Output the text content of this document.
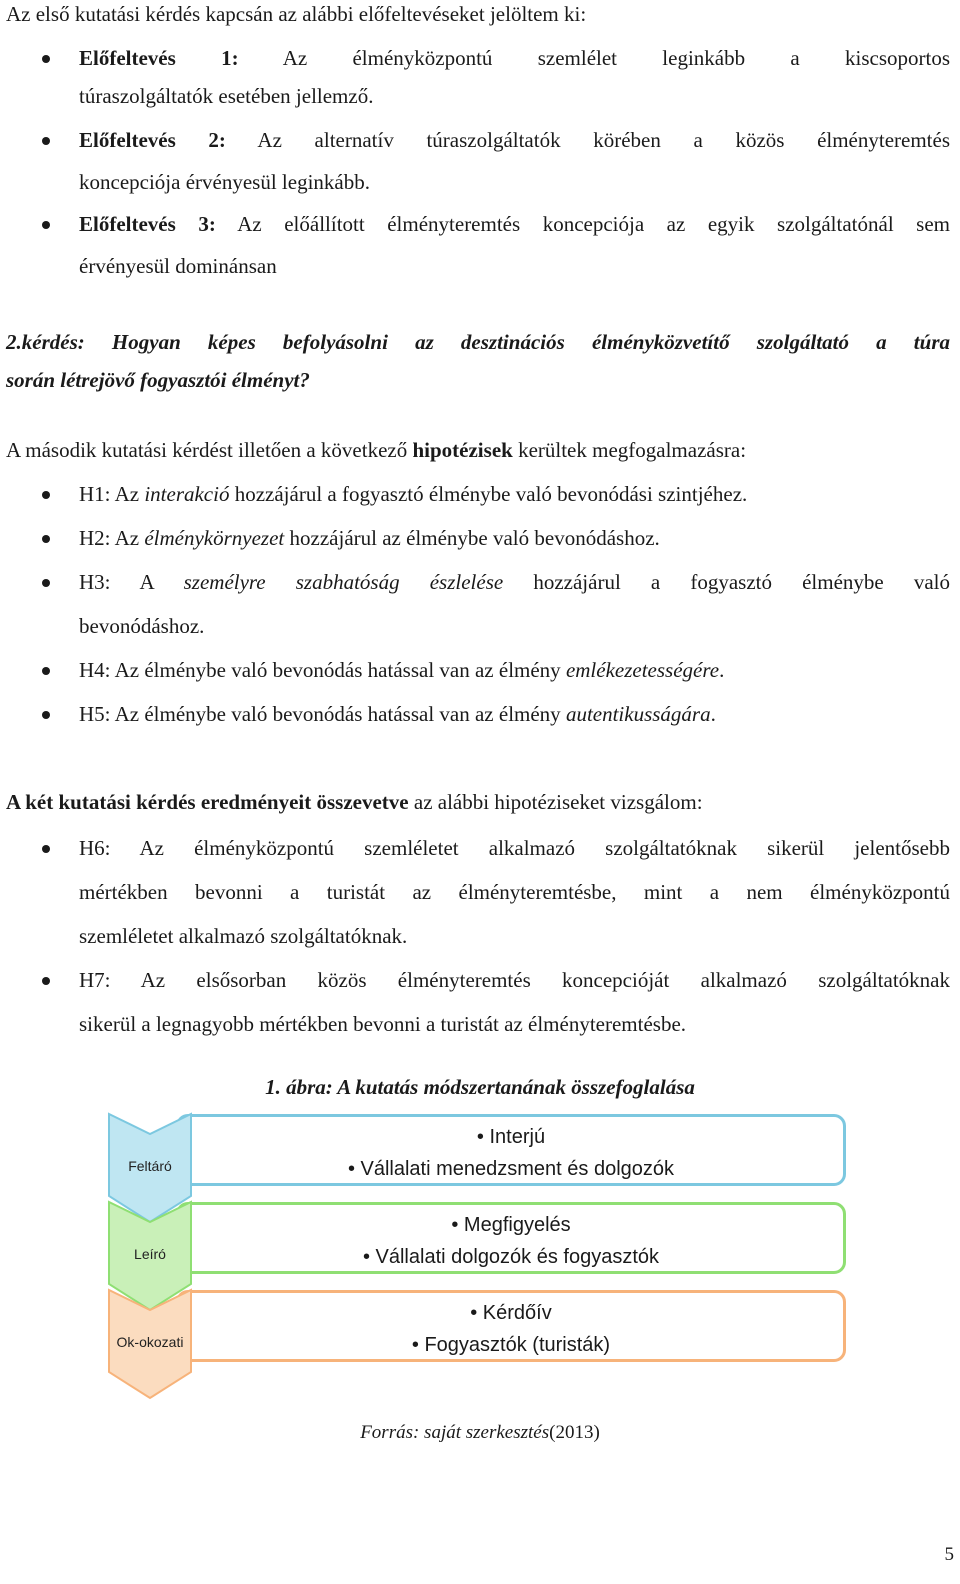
Az első kutatási kérdés kapcsán az alábbi előfeltevéseket jelöltem ki:

Előfeltevés 1: Az élményközpontú szemlélet leginkább a kiscsoportos
túraszolgáltatók esetében jellemző.
Előfeltevés 2: Az alternatív túraszolgáltatók körében a közös élményteremtés
koncepciója érvényesül leginkább.
Előfeltevés 3: Az előállított élményteremtés koncepciója az egyik szolgáltatónál sem
érvényesül dominánsan

2.kérdés: Hogyan képes befolyásolni az desztinációs élményközvetítő szolgáltató a túra

során létrejövő fogyasztói élményt?

A második kutatási kérdést illetően a következő hipotézisek kerültek megfogalmazásra:

H1: Az interakció hozzájárul a fogyasztó élménybe való bevonódási szintjéhez.
H2: Az élménykörnyezet hozzájárul az élménybe való bevonódáshoz.
H3: A személyre szabhatóság észlelése hozzájárul a fogyasztó élménybe való
bevonódáshoz.
H4: Az élménybe való bevonódás hatással van az élmény emlékezetességére.
H5: Az élménybe való bevonódás hatással van az élmény autentikusságára.

A két kutatási kérdés eredményeit összevetve az alábbi hipotéziseket vizsgálom:

H6: Az élményközpontú szemléletet alkalmazó szolgáltatóknak sikerül jelentősebb
mértékben bevonni a turistát az élményteremtésbe, mint a nem élményközpontú
szemléletet alkalmazó szolgáltatóknak.
H7: Az elsősorban közös élményteremtés koncepcióját alkalmazó szolgáltatóknak
sikerül a legnagyobb mértékben bevonni a turistát az élményteremtésbe.
1. ábra: A kutatás módszertanának összefoglalása
• Interjú
• Vállalati menedzsment és dolgozók
• Megfigyelés
• Vállalati dolgozók és fogyasztók
• Kérdőív
• Fogyasztók (turisták)
Feltáró
Leíró
Ok-okozati
Forrás: saját szerkesztés(2013)
5
